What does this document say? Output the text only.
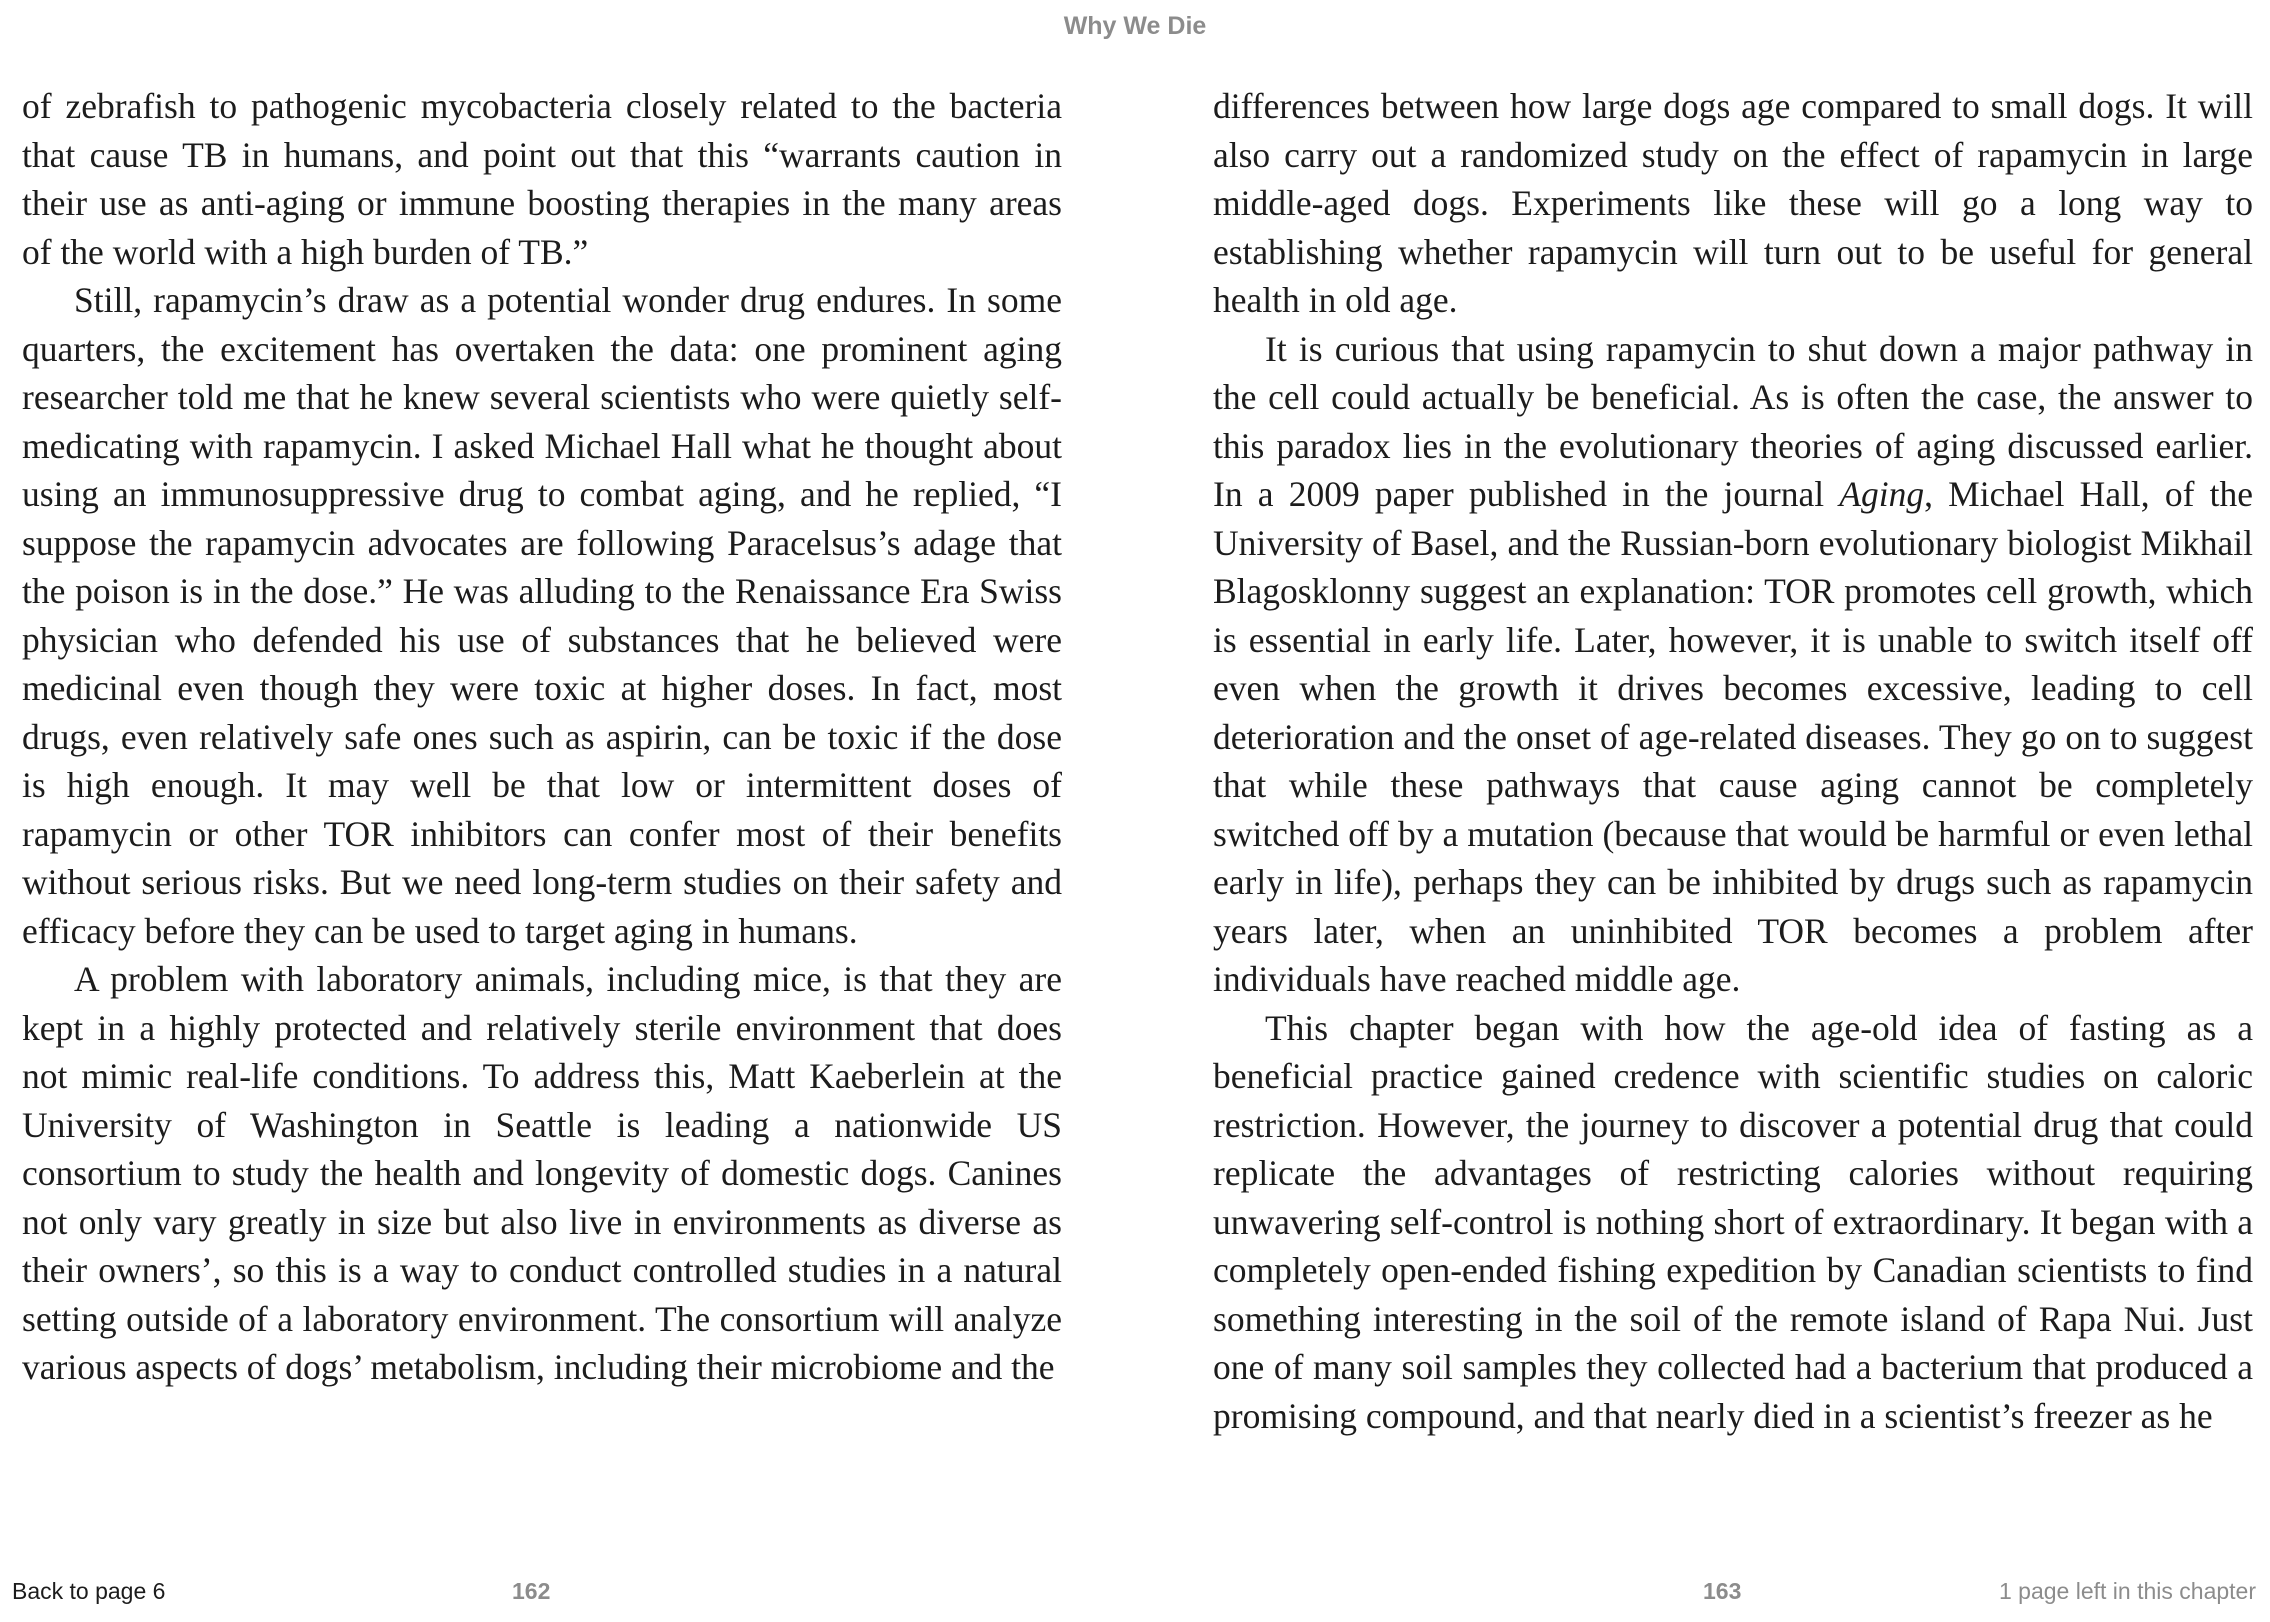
Why We Die

of zebrafish to pathogenic mycobacteria closely related to the bacteria that cause TB in humans, and point out that this “warrants caution in their use as anti-aging or immune boosting therapies in the many areas of the world with a high burden of TB.”

Still, rapamycin’s draw as a potential wonder drug endures. In some quarters, the excitement has overtaken the data: one prominent aging researcher told me that he knew several scientists who were quietly self-medicating with rapamycin. I asked Michael Hall what he thought about using an immunosuppressive drug to combat aging, and he replied, “I suppose the rapamycin advocates are following Paracelsus’s adage that the poison is in the dose.” He was alluding to the Renaissance Era Swiss physician who defended his use of substances that he believed were medicinal even though they were toxic at higher doses. In fact, most drugs, even relatively safe ones such as aspirin, can be toxic if the dose is high enough. It may well be that low or intermittent doses of rapamycin or other TOR inhibitors can confer most of their benefits without serious risks. But we need long-term studies on their safety and efficacy before they can be used to target aging in humans.

A problem with laboratory animals, including mice, is that they are kept in a highly protected and relatively sterile environment that does not mimic real-life conditions. To address this, Matt Kaeberlein at the University of Washington in Seattle is leading a nationwide US consortium to study the health and longevity of domestic dogs. Canines not only vary greatly in size but also live in environments as diverse as their owners’, so this is a way to conduct controlled studies in a natural setting outside of a laboratory environment. The consortium will analyze various aspects of dogs’ metabolism, including their microbiome and the

differences between how large dogs age compared to small dogs. It will also carry out a randomized study on the effect of rapamycin in large middle-aged dogs. Experiments like these will go a long way to establishing whether rapamycin will turn out to be useful for general health in old age.

It is curious that using rapamycin to shut down a major pathway in the cell could actually be beneficial. As is often the case, the answer to this paradox lies in the evolutionary theories of aging discussed earlier. In a 2009 paper published in the journal Aging, Michael Hall, of the University of Basel, and the Russian-born evolutionary biologist Mikhail Blagosklonny suggest an explanation: TOR promotes cell growth, which is essential in early life. Later, however, it is unable to switch itself off even when the growth it drives becomes excessive, leading to cell deterioration and the onset of age-related diseases. They go on to suggest that while these pathways that cause aging cannot be completely switched off by a mutation (because that would be harmful or even lethal early in life), perhaps they can be inhibited by drugs such as rapamycin years later, when an uninhibited TOR becomes a problem after individuals have reached middle age.

This chapter began with how the age-old idea of fasting as a beneficial practice gained credence with scientific studies on caloric restriction. However, the journey to discover a potential drug that could replicate the advantages of restricting calories without requiring unwavering self-control is nothing short of extraordinary. It began with a completely open-ended fishing expedition by Canadian scientists to find something interesting in the soil of the remote island of Rapa Nui. Just one of many soil samples they collected had a bacterium that produced a promising compound, and that nearly died in a scientist’s freezer as he

Back to page 6	162	163	1 page left in this chapter
